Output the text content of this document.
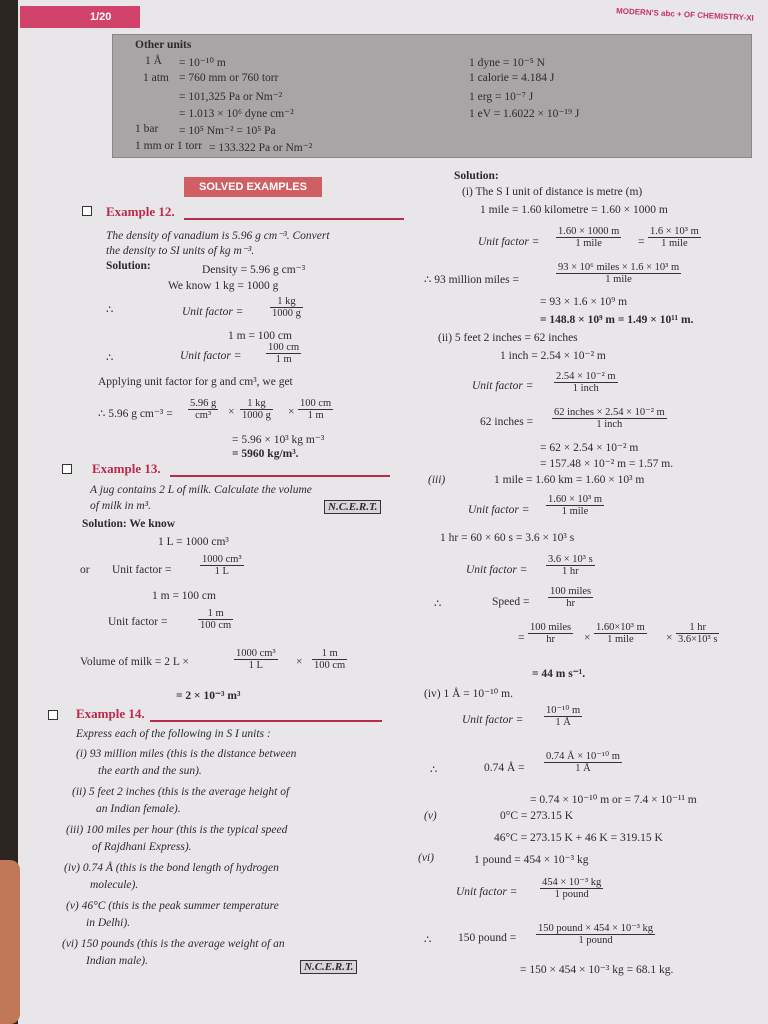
1/20	MODERN'S abc + OF CHEMISTRY-XI
Other units
1 Å = 10⁻¹⁰ m
1 atm = 760 mm or 760 torr
= 101,325 Pa or Nm⁻²
= 1.013 × 10⁶ dyne cm⁻²
1 bar = 10⁵ Nm⁻² = 10⁵ Pa
1 mm or 1 torr = 133.322 Pa or Nm⁻²
1 dyne = 10⁻⁵ N
1 calorie = 4.184 J
1 erg = 10⁻⁷ J
1 eV = 1.6022 × 10⁻¹⁹ J
SOLVED EXAMPLES
Example 12.
The density of vanadium is 5.96 g cm⁻³. Convert
the density to SI units of kg m⁻³.
Solution:	Density = 5.96 g cm⁻³
We know 1 kg = 1000 g
∴	Unit factor =	$\frac{1 kg}{1000 g}$
1 m = 100 cm
∴	Unit factor = $\frac{100 cm}{1 m}$
Applying unit factor for g and cm³, we get
∴ 5.96 g $cm^{-3} = \frac{5.96 g}{\text{cm³}} \times \frac{1 kg}{1000 g} \times \frac{100 cm}{1 m}$
= 5.96 × 10³ kg m⁻³
= 5960 kg/m³.
Example 13.
A jug contains 2 L of milk. Calculate the volume
of milk in m³.	N.C.E.R.T.
Solution: We know
1 L = 1000 cm³
or Unit factor =	$\frac{\text{1000 cm³}}{1 L}$
1 m = 100 cm
Unit factor =	$\frac{1 m}{100 cm}$
Volume of milk = 2 L ×	$\frac{\text{1000 cm³}}{1 L} \times \frac{1 m}{100 cm}$
= 2 × 10⁻³ m³
Example 14.
Express each of the following in S I units :
(i) 93 million miles (this is the distance between
the earth and the sun).
(ii) 5 feet 2 inches (this is the average height of
an Indian female).
(iii) 100 miles per hour (this is the typical speed
of Rajdhani Express).
(iv) 0.74 Å (this is the bond length of hydrogen
molecule).
(v) 46°C (this is the peak summer temperature
in Delhi).
(vi) 150 pounds (this is the average weight of an
Indian male).	N.C.E.R.T.
Solution:
(i) The S I unit of distance is metre (m)
1 mile = 1.60 kilometre = 1.60 × 1000 m
Unit factor =
1.60 × 1000 m
1 mile	=
1.6 × 10³ m
1 mile
∴ 93 million miles =
93 × 10⁶ miles × 1.6 × 10³ m
1 mile
= 93 × 1.6 × 10⁹ m
= 148.8 × 10⁹ m = 1.49 × 10¹¹ m.
(ii) 5 feet 2 inches = 62 inches
1 inch = 2.54 × 10⁻² m
Unit factor =
2.54 × 10⁻² m
1 inch
62 inches =
62 inches × 2.54 × 10⁻² m
1 inch
= 62 × 2.54 × 10⁻² m
= 157.48 × 10⁻² m = 1.57 m.
(iii)	1 mile = 1.60 km = 1.60 × 10³ m
Unit factor =
1.60 × 10³ m
1 mile
1 hr = 60 × 60 s = 3.6 × 10³ s
Unit factor = $\frac{\text{3.6 × 10³ s}}{1 hr}$
∴	Speed =
100 miles
hr
=
100 miles
hr	×
1.60×10³ m
1 mile	× $\frac{1 hr}{\text{3.6×10³ s}}$
= 44 m s⁻¹.
(iv) 1 Å = 10⁻¹⁰ m.
Unit factor = $\frac{\text{10⁻¹⁰ m}}{1 Å}$
∴	0.74 Å = $\frac{\text{0.74 Å × 10⁻¹⁰ m}}{1 Å}$
= 0.74 × 10⁻¹⁰ m or = 7.4 × 10⁻¹¹ m
(v)	0°C = 273.15 K
46°C = 273.15 K + 46 K = 319.15 K
(vi)	1 pound = 454 × 10⁻³ kg
Unit factor =
454 × 10⁻³ kg
1 pound
∴ 150 pound =
150 pound × 454 × 10⁻³ kg
1 pound
= 150 × 454 × 10⁻³ kg = 68.1 kg.
